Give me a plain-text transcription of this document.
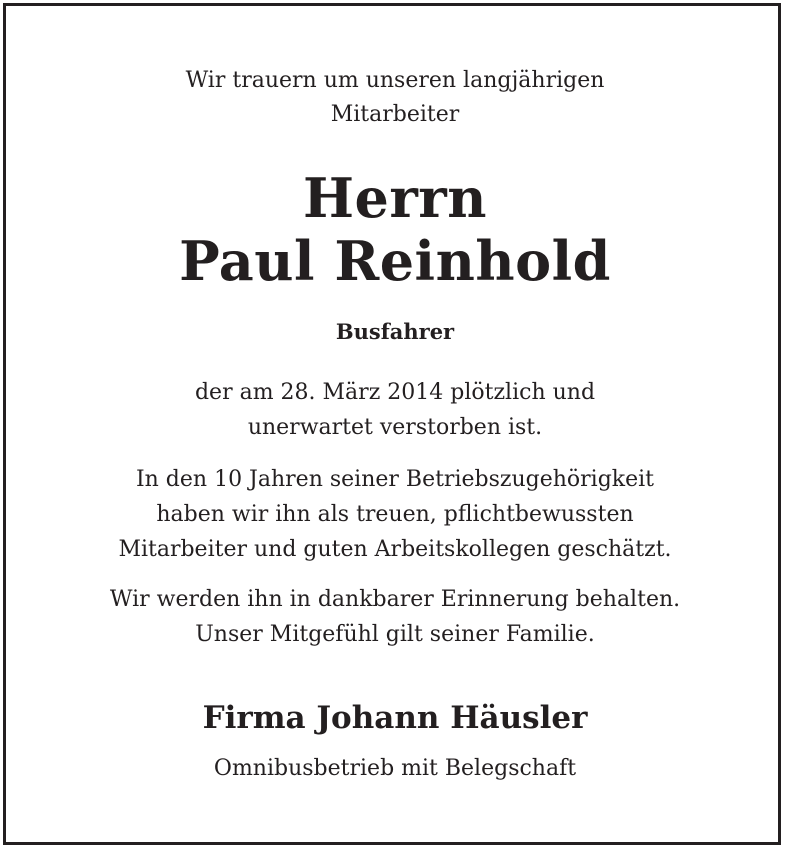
Wir trauern um unseren langjährigen

Mitarbeiter

Herrn

Paul Reinhold

Busfahrer

der am 28. März 2014 plötzlich und

unerwartet verstorben ist.

In den 10 Jahren seiner Betriebszugehörigkeit

haben wir ihn als treuen, pflichtbewussten

Mitarbeiter und guten Arbeitskollegen geschätzt.

Wir werden ihn in dankbarer Erinnerung behalten.

Unser Mitgefühl gilt seiner Familie.

Firma Johann Häusler

Omnibusbetrieb mit Belegschaft
